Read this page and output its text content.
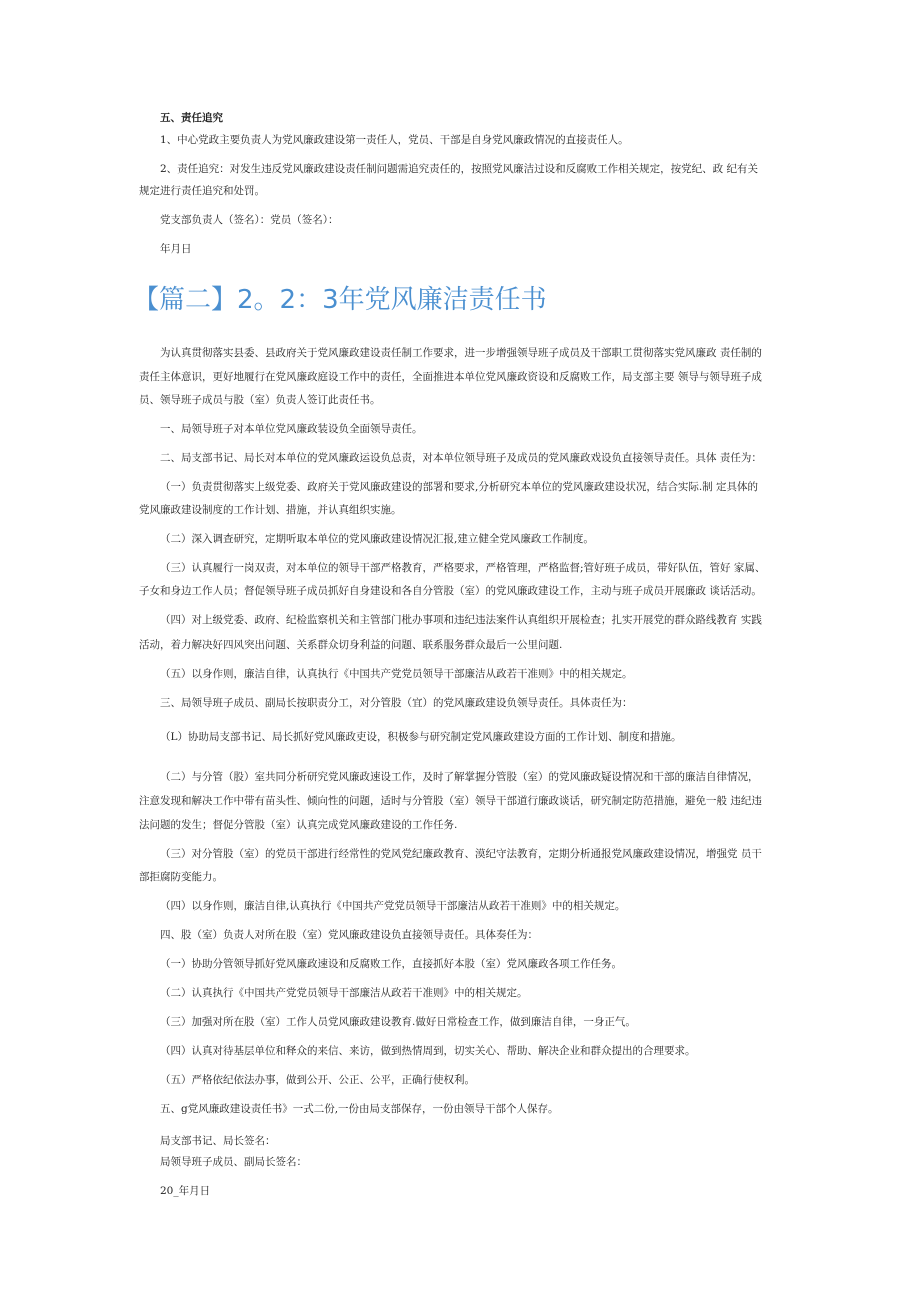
五、责任追究
1、中心党政主要负责人为党风廉政建设第一责任人，党员、干部是自身党风廉政情况的直接责任人。
2、责任追究：对发生违反党风廉政建设责任制问题需追究责任的，按照党风廉洁过设和反腐败工作相关规定，按党纪、政 纪有关
规定进行责任追究和处罚。
党支部负责人（签名）：党员（签名）：
年月日
【篇二】2。2：3年党风廉洁责任书
为认真贯彻落实县委、县政府关于党风廉政建设责任制工作要求，进一步增强领导班子成员及干部职工贯彻落实党风廉政 责任制的
责任主体意识，更好地履行在党风廉政庭设工作中的责任，全面推进本单位党风廉政资设和反腐败工作，局支部主要 领导与领导班子成
员、领导班子成员与股（室）负责人签订此责任书。
一、局领导班子对本单位党风廉政装设负全面领导责任。
二、局支部书记、局长对本单位的党风廉政运设负总责，对本单位领导班子及成员的党风廉政戏设负直接领导责任。具体 责任为：
（一）负责贯彻落实上级党委、政府关于党风廉政建设的部署和要求,分析研究本单位的党风廉政建设状况，结合实际.制 定具体的
党风廉政建设制度的工作计划、措施，并认真组织实施。
（二）深入调查研究，定期听取本单位的党风廉政建设情况汇报,建立健全党风廉政工作制度。
（三）认真履行一岗双责，对本单位的领导干部严格教育，严格要求，严格管理，严格监督;管好班子成员，带好队伍，管好 家属、
子女和身边工作人员；督促领导班子成员抓好自身建设和各自分管股（室）的党风廉政建设工作，主动与班子成员开展廉政 谈话活动。
（四）对上级党委、政府、纪检监察机关和主管部门枇办事项和违纪违法案件认真组织开展检查；扎实开展党的群众路线教育 实践
活动，着力解决好四风突出问题、关系群众切身利益的问题、联系服务群众最后一公里问题.
（五）以身作则，廉洁自律，认真执行《中国共产党党员领导干部廉洁从政若干准则》中的相关规定。
三、局领导班子成员、副局长按职责分工，对分管股（宜）的党风廉政建设负领导责任。具体责任为：
（L）协助局支部书记、局长抓好党风廉政吏设，积极参与研究制定党风廉政建设方面的工作计划、制度和措施。
（二）与分管（股）室共同分析研究党风廉政速设工作，及时了解掌握分管股（室）的党风廉政疑设情况和干部的廉洁自律情况，
注意发现和解决工作中带有苗头性、倾向性的问题，适时与分管股（室）领导干部道行廉政谈话，研究制定防范措施，避免一般 违纪违
法问题的发生；督促分管股（室）认真完成党风廉政建设的工作任务.
（三）对分管股（室）的党员干部进行经常性的党风党纪廉政教育、漠纪守法教育，定期分析通报党风廉政建设情况，增强党 员干
部拒腐防变能力。
（四）以身作则，廉洁自律,认真执行《中国共产党党员领导干部廉洁从政若干准则》中的相关规定。
四、股（室）负责人对所在股（室）党风廉政建设负直接领导责任。具体奏任为：
（一）协助分管领导抓好党风廉政速设和反腐败工作，直接抓好本股（室）党风廉政各项工作任务。
（二）认真执行《中国共产党党员领导干部廉洁从政若干准则》中的相关规定。
（三）加强对所在股（室）工作人员党风廉政建设教育.做好日常检查工作，做到廉洁自律，一身正气。
（四）认真对待基层单位和释众的来信、来访，做到热情周到，切实关心、帮助、解决企业和群众提出的合理要求。
（五）严格依纪依法办事，做到公开、公正、公平，正确行使权利。
五、g党风廉政建设责任书》一式二份,一份由局支部保存，一份由领导干部个人保存。
局支部书记、局长签名：
局领导班子成员、副局长签名：
20_年月日
